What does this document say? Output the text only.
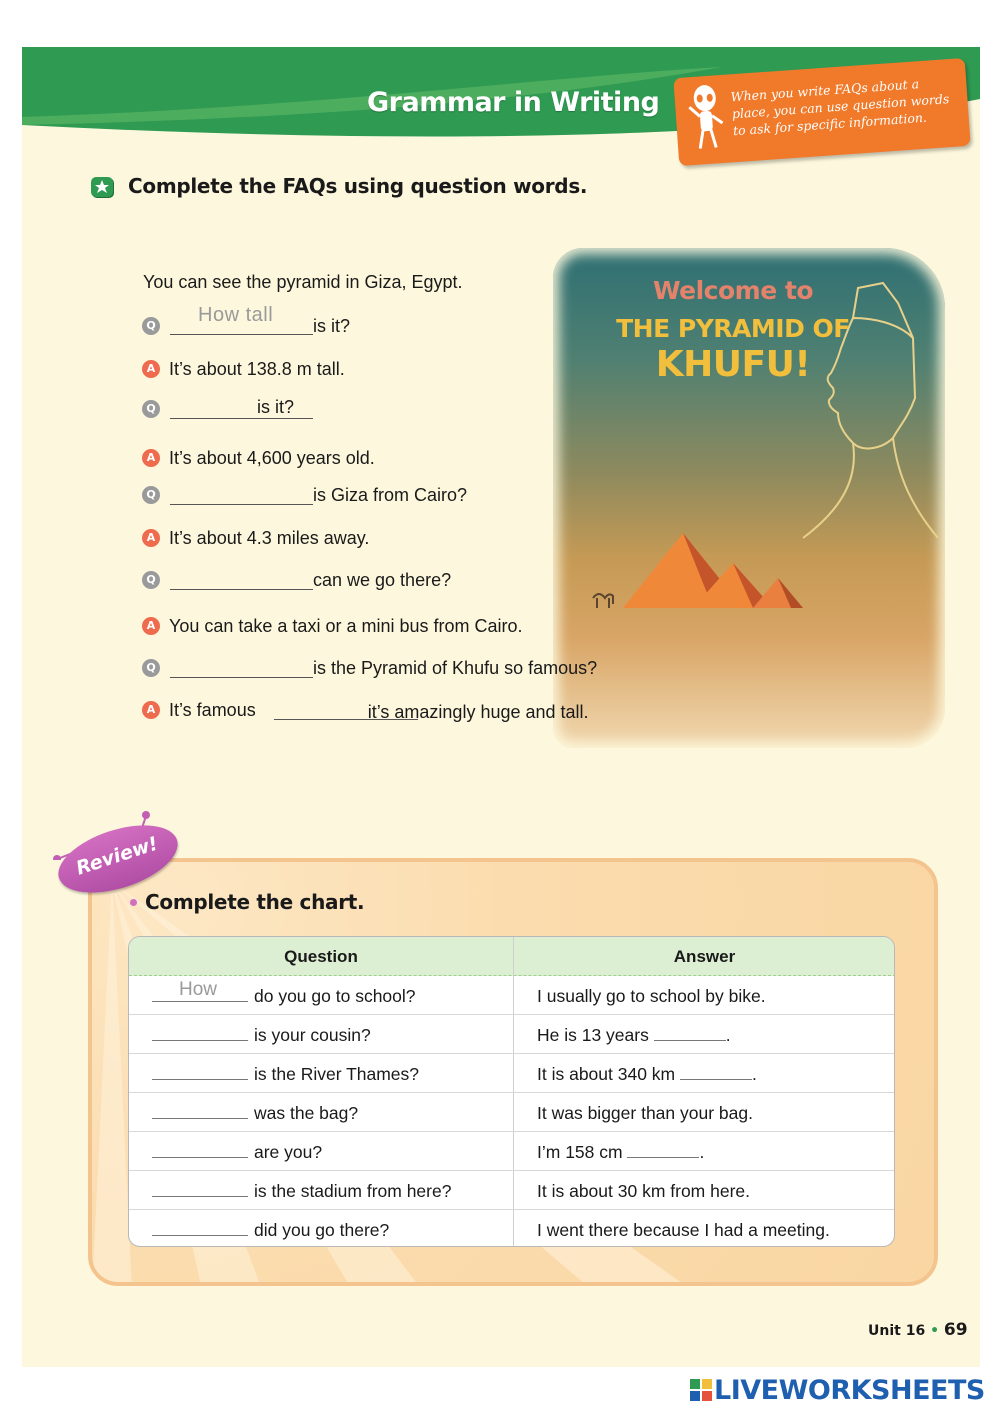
Grammar in Writing	When you write FAQs about a place, you can use question words to ask for specific information.
Complete the FAQs using question words.
Welcome to
THE PYRAMID OF
KHUFU!
You can see the pyramid in Giza, Egypt.
Q How tall is it?
A It’s about 138.8 m tall.
Q	is it?
A It’s about 4,600 years old.
Q	is Giza from Cairo?
A It’s about 4.3 miles away.
Q	can we go there?
A You can take a taxi or a mini bus from Cairo.
Q	is the Pyramid of Khufu so famous?
A It’s famous	it’s amazingly huge and tall.
Review!
Complete the chart.
Question	Answer
How do you go to school?	I usually go to school by bike.
is your cousin?	He is 13 years	.
is the River Thames?	It is about 340 km	.
was the bag?	It was bigger than your bag.
are you?	I’m 158 cm	.
is the stadium from here?	It is about 30 km from here.
did you go there?	I went there because I had a meeting.
Unit 16 • 69
LIVEWORKSHEETS
